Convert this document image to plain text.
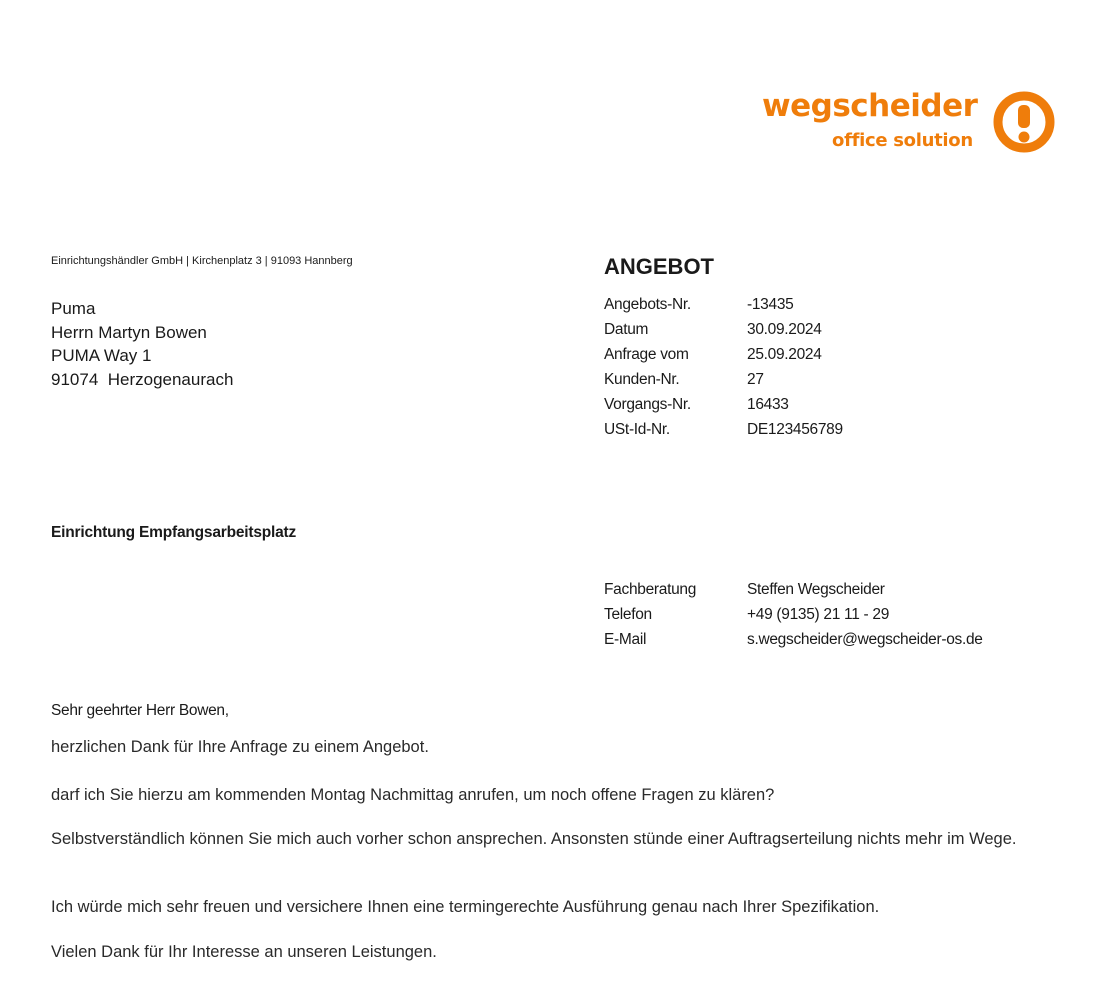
wegscheider
office solution
Einrichtungshändler GmbH | Kirchenplatz 3 | 91093 Hannberg
Puma
Herrn Martyn Bowen
PUMA Way 1
91074  Herzogenaurach
ANGEBOT
Angebots-Nr.	-13435
Datum	30.09.2024
Anfrage vom	25.09.2024
Kunden-Nr.	27
Vorgangs-Nr.	16433
USt-Id-Nr.	DE123456789
Einrichtung Empfangsarbeitsplatz
Fachberatung	Steffen Wegscheider
Telefon	+49 (9135) 21 11 - 29
E-Mail	s.wegscheider@wegscheider-os.de
Sehr geehrter Herr Bowen,
herzlichen Dank für Ihre Anfrage zu einem Angebot.
darf ich Sie hierzu am kommenden Montag Nachmittag anrufen, um noch offene Fragen zu klären?
Selbstverständlich können Sie mich auch vorher schon ansprechen. Ansonsten stünde einer Auftragserteilung nichts mehr im Wege.
Ich würde mich sehr freuen und versichere Ihnen eine termingerechte Ausführung genau nach Ihrer Spezifikation.
Vielen Dank für Ihr Interesse an unseren Leistungen.
